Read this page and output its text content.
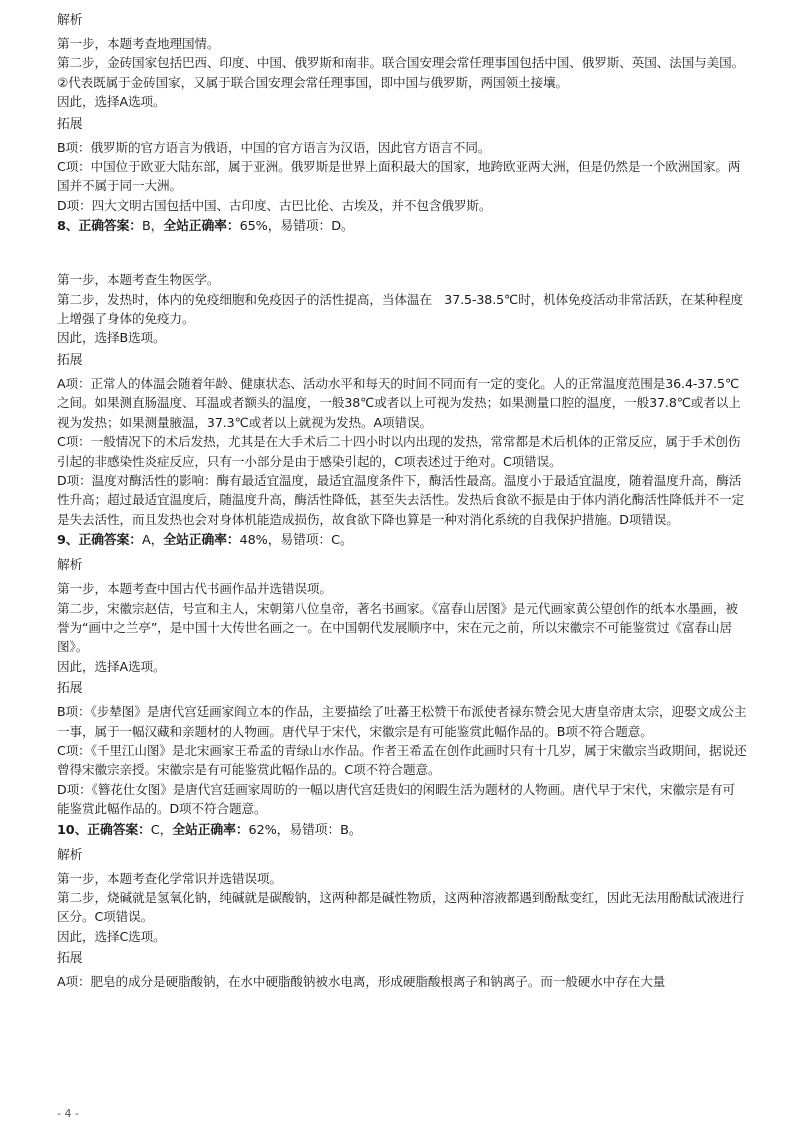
解析

第一步，本题考查地理国情。

第二步，金砖国家包括巴西、印度、中国、俄罗斯和南非。联合国安理会常任理事国包括中国、俄罗斯、英国、法国与美国。②代表既属于金砖国家，又属于联合国安理会常任理事国，即中国与俄罗斯，两国领土接壤。

因此，选择A选项。

拓展

B项：俄罗斯的官方语言为俄语，中国的官方语言为汉语，因此官方语言不同。

C项：中国位于欧亚大陆东部，属于亚洲。俄罗斯是世界上面积最大的国家，地跨欧亚两大洲，但是仍然是一个欧洲国家。两国并不属于同一大洲。

D项：四大文明古国包括中国、古印度、古巴比伦、古埃及，并不包含俄罗斯。

8、正确答案：B，全站正确率：65%，易错项：D。

第一步，本题考查生物医学。

第二步，发热时，体内的免疫细胞和免疫因子的活性提高，当体温在　37.5-38.5℃时，机体免疫活动非常活跃，在某种程度上增强了身体的免疫力。

因此，选择B选项。

拓展

A项：正常人的体温会随着年龄、健康状态、活动水平和每天的时间不同而有一定的变化。人的正常温度范围是36.4-37.5℃之间。如果测直肠温度、耳温或者额头的温度，一般38℃或者以上可视为发热；如果测量口腔的温度，一般37.8℃或者以上视为发热；如果测量腋温，37.3℃或者以上就视为发热。A项错误。

C项：一般情况下的术后发热，尤其是在大手术后二十四小时以内出现的发热，常常都是术后机体的正常反应，属于手术创伤引起的非感染性炎症反应，只有一小部分是由于感染引起的，C项表述过于绝对。C项错误。

D项：温度对酶活性的影响：酶有最适宜温度，最适宜温度条件下，酶活性最高。温度小于最适宜温度，随着温度升高，酶活性升高；超过最适宜温度后，随温度升高，酶活性降低，甚至失去活性。发热后食欲不振是由于体内消化酶活性降低并不一定是失去活性，而且发热也会对身体机能造成损伤，故食欲下降也算是一种对消化系统的自我保护措施。D项错误。

9、正确答案：A，全站正确率：48%，易错项：C。

解析

第一步，本题考查中国古代书画作品并选错误项。

第二步，宋徽宗赵佶，号宣和主人，宋朝第八位皇帝，著名书画家。《富春山居图》是元代画家黄公望创作的纸本水墨画，被誉为“画中之兰亭”，是中国十大传世名画之一。在中国朝代发展顺序中，宋在元之前，所以宋徽宗不可能鉴赏过《富春山居图》。

因此，选择A选项。

拓展

B项：《步辇图》是唐代宫廷画家阎立本的作品，主要描绘了吐蕃王松赞干布派使者禄东赞会见大唐皇帝唐太宗，迎娶文成公主一事，属于一幅汉藏和亲题材的人物画。唐代早于宋代，宋徽宗是有可能鉴赏此幅作品的。B项不符合题意。

C项：《千里江山图》是北宋画家王希孟的青绿山水作品。作者王希孟在创作此画时只有十几岁，属于宋徽宗当政期间，据说还曾得宋徽宗亲授。宋徽宗是有可能鉴赏此幅作品的。C项不符合题意。

D项：《簪花仕女图》是唐代宫廷画家周昉的一幅以唐代宫廷贵妇的闲暇生活为题材的人物画。唐代早于宋代，宋徽宗是有可能鉴赏此幅作品的。D项不符合题意。

10、正确答案：C，全站正确率：62%，易错项：B。

解析

第一步，本题考查化学常识并选错误项。

第二步，烧碱就是氢氧化钠，纯碱就是碳酸钠，这两种都是碱性物质，这两种溶液都遇到酚酞变红，因此无法用酚酞试液进行区分。C项错误。

因此，选择C选项。

拓展

A项：肥皂的成分是硬脂酸钠，在水中硬脂酸钠被水电离，形成硬脂酸根离子和钠离子。而一般硬水中存在大量

- 4 -
